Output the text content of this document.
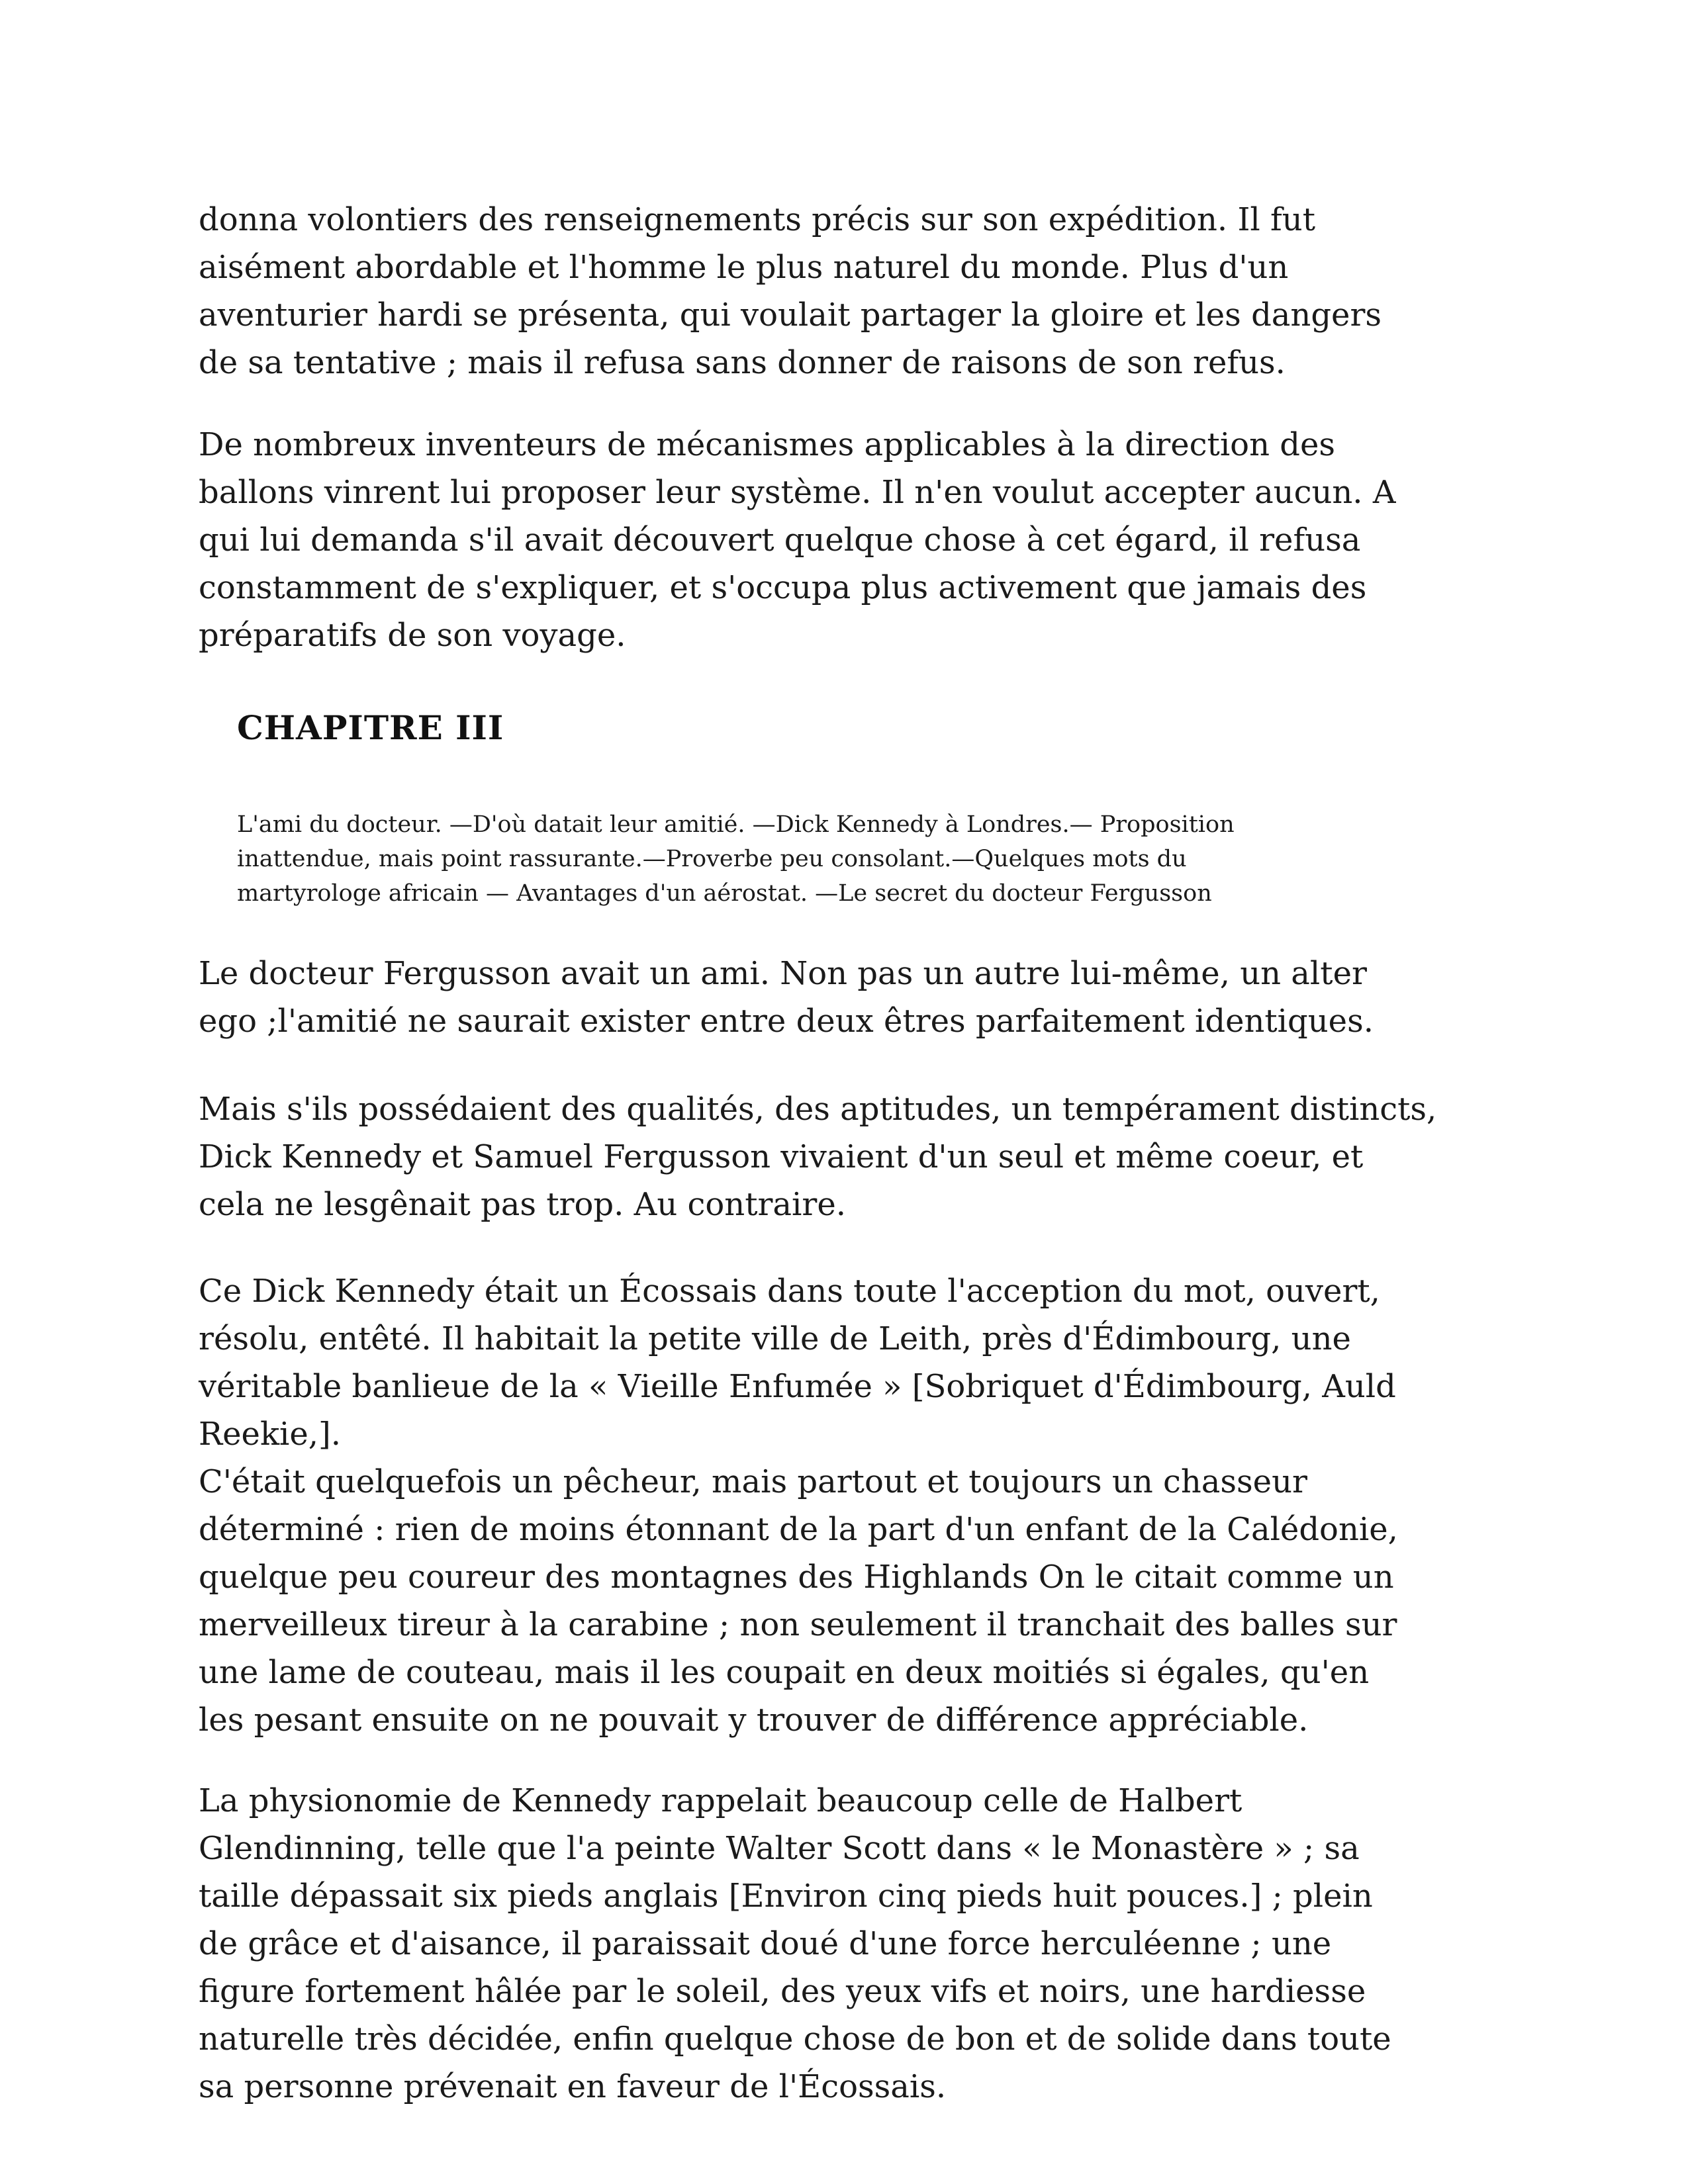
donna volontiers des renseignements précis sur son expédition. Il fut
aisément abordable et l'homme le plus naturel du monde. Plus d'un
aventurier hardi se présenta, qui voulait partager la gloire et les dangers
de sa tentative ; mais il refusa sans donner de raisons de son refus.

De nombreux inventeurs de mécanismes applicables à la direction des
ballons vinrent lui proposer leur système. Il n'en voulut accepter aucun. A
qui lui demanda s'il avait découvert quelque chose à cet égard, il refusa
constamment de s'expliquer, et s'occupa plus activement que jamais des
préparatifs de son voyage.

CHAPITRE III

L'ami du docteur. —D'où datait leur amitié. —Dick Kennedy à Londres.— Proposition
inattendue, mais point rassurante.—Proverbe peu consolant.—Quelques mots du
martyrologe africain — Avantages d'un aérostat. —Le secret du docteur Fergusson

Le docteur Fergusson avait un ami. Non pas un autre lui-même, un alter
ego ;l'amitié ne saurait exister entre deux êtres parfaitement identiques.

Mais s'ils possédaient des qualités, des aptitudes, un tempérament distincts,
Dick Kennedy et Samuel Fergusson vivaient d'un seul et même coeur, et
cela ne lesgênait pas trop. Au contraire.

Ce Dick Kennedy était un Écossais dans toute l'acception du mot, ouvert,
résolu, entêté. Il habitait la petite ville de Leith, près d'Édimbourg, une
véritable banlieue de la « Vieille Enfumée » [Sobriquet d'Édimbourg, Auld
Reekie,].
C'était quelquefois un pêcheur, mais partout et toujours un chasseur
déterminé : rien de moins étonnant de la part d'un enfant de la Calédonie,
quelque peu coureur des montagnes des Highlands On le citait comme un
merveilleux tireur à la carabine ; non seulement il tranchait des balles sur
une lame de couteau, mais il les coupait en deux moitiés si égales, qu'en
les pesant ensuite on ne pouvait y trouver de différence appréciable.

La physionomie de Kennedy rappelait beaucoup celle de Halbert
Glendinning, telle que l'a peinte Walter Scott dans « le Monastère » ; sa
taille dépassait six pieds anglais [Environ cinq pieds huit pouces.] ; plein
de grâce et d'aisance, il paraissait doué d'une force herculéenne ; une
figure fortement hâlée par le soleil, des yeux vifs et noirs, une hardiesse
naturelle très décidée, enfin quelque chose de bon et de solide dans toute
sa personne prévenait en faveur de l'Écossais.
